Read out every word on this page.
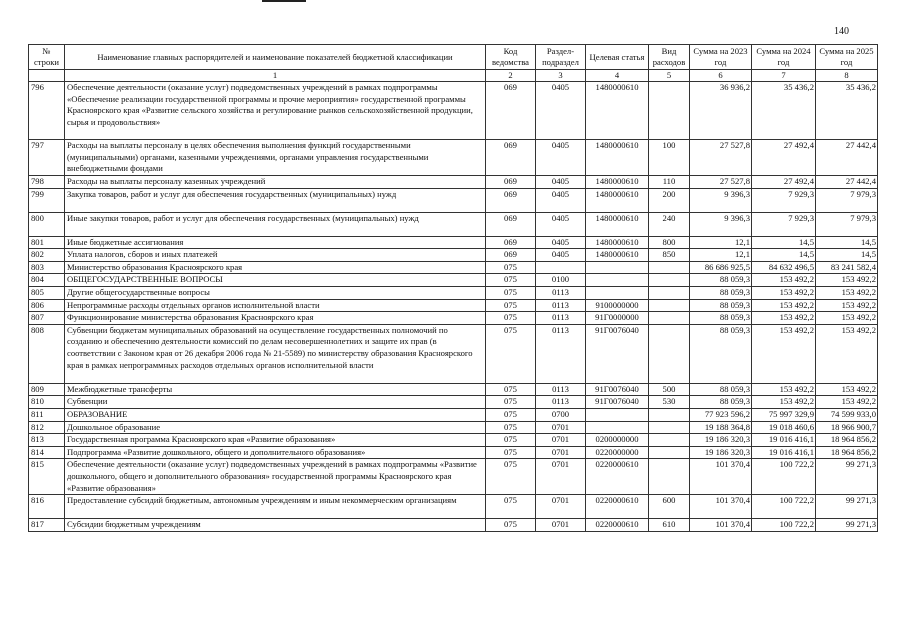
140
№ строки	Наименование главных распорядителей и наименование показателей бюджетной классификации	Код ведомства	Раздел-подраздел	Целевая статья	Вид расходов	Сумма на 2023 год	Сумма на 2024 год	Сумма на 2025 год
	1	2	3	4	5	6	7	8
796	Обеспечение деятельности (оказание услуг) подведомственных учреждений в рамках подпрограммы «Обеспечение реализации государственной программы и прочие мероприятия» государственной программы Красноярского края «Развитие сельского хозяйства и регулирование рынков сельскохозяйственной продукции, сырья и продовольствия»	069	0405	1480000610		36 936,2	35 436,2	35 436,2
797	Расходы на выплаты персоналу в целях обеспечения выполнения функций государственными (муниципальными) органами, казенными учреждениями, органами управления государственными внебюджетными фондами	069	0405	1480000610	100	27 527,8	27 492,4	27 442,4
798	Расходы на выплаты персоналу казенных учреждений	069	0405	1480000610	110	27 527,8	27 492,4	27 442,4
799	Закупка товаров, работ и услуг для обеспечения государственных (муниципальных) нужд	069	0405	1480000610	200	9 396,3	7 929,3	7 979,3
800	Иные закупки товаров, работ и услуг для обеспечения государственных (муниципальных) нужд	069	0405	1480000610	240	9 396,3	7 929,3	7 979,3
801	Иные бюджетные ассигнования	069	0405	1480000610	800	12,1	14,5	14,5
802	Уплата налогов, сборов и иных платежей	069	0405	1480000610	850	12,1	14,5	14,5
803	Министерство образования Красноярского края	075				86 686 925,5	84 632 496,5	83 241 582,4
804	ОБЩЕГОСУДАРСТВЕННЫЕ ВОПРОСЫ	075	0100			88 059,3	153 492,2	153 492,2
805	Другие общегосударственные вопросы	075	0113			88 059,3	153 492,2	153 492,2
806	Непрограммные расходы отдельных органов исполнительной власти	075	0113	9100000000		88 059,3	153 492,2	153 492,2
807	Функционирование министерства образования Красноярского края	075	0113	91Г0000000		88 059,3	153 492,2	153 492,2
808	Субвенции бюджетам муниципальных образований на осуществление государственных полномочий по созданию и обеспечению деятельности комиссий по делам несовершеннолетних и защите их прав (в соответствии с Законом края от 26 декабря 2006 года № 21-5589) по министерству образования Красноярского края в рамках непрограммных расходов отдельных органов исполнительной власти	075	0113	91Г0076040		88 059,3	153 492,2	153 492,2
809	Межбюджетные трансферты	075	0113	91Г0076040	500	88 059,3	153 492,2	153 492,2
810	Субвенции	075	0113	91Г0076040	530	88 059,3	153 492,2	153 492,2
811	ОБРАЗОВАНИЕ	075	0700			77 923 596,2	75 997 329,9	74 599 933,0
812	Дошкольное образование	075	0701			19 188 364,8	19 018 460,6	18 966 900,7
813	Государственная программа Красноярского края «Развитие образования»	075	0701	0200000000		19 186 320,3	19 016 416,1	18 964 856,2
814	Подпрограмма «Развитие дошкольного, общего и дополнительного образования»	075	0701	0220000000		19 186 320,3	19 016 416,1	18 964 856,2
815	Обеспечение деятельности (оказание услуг) подведомственных учреждений в рамках подпрограммы «Развитие дошкольного, общего и дополнительного образования» государственной программы Красноярского края «Развитие образования»	075	0701	0220000610		101 370,4	100 722,2	99 271,3
816	Предоставление субсидий бюджетным, автономным учреждениям и иным некоммерческим организациям	075	0701	0220000610	600	101 370,4	100 722,2	99 271,3
817	Субсидии бюджетным учреждениям	075	0701	0220000610	610	101 370,4	100 722,2	99 271,3
